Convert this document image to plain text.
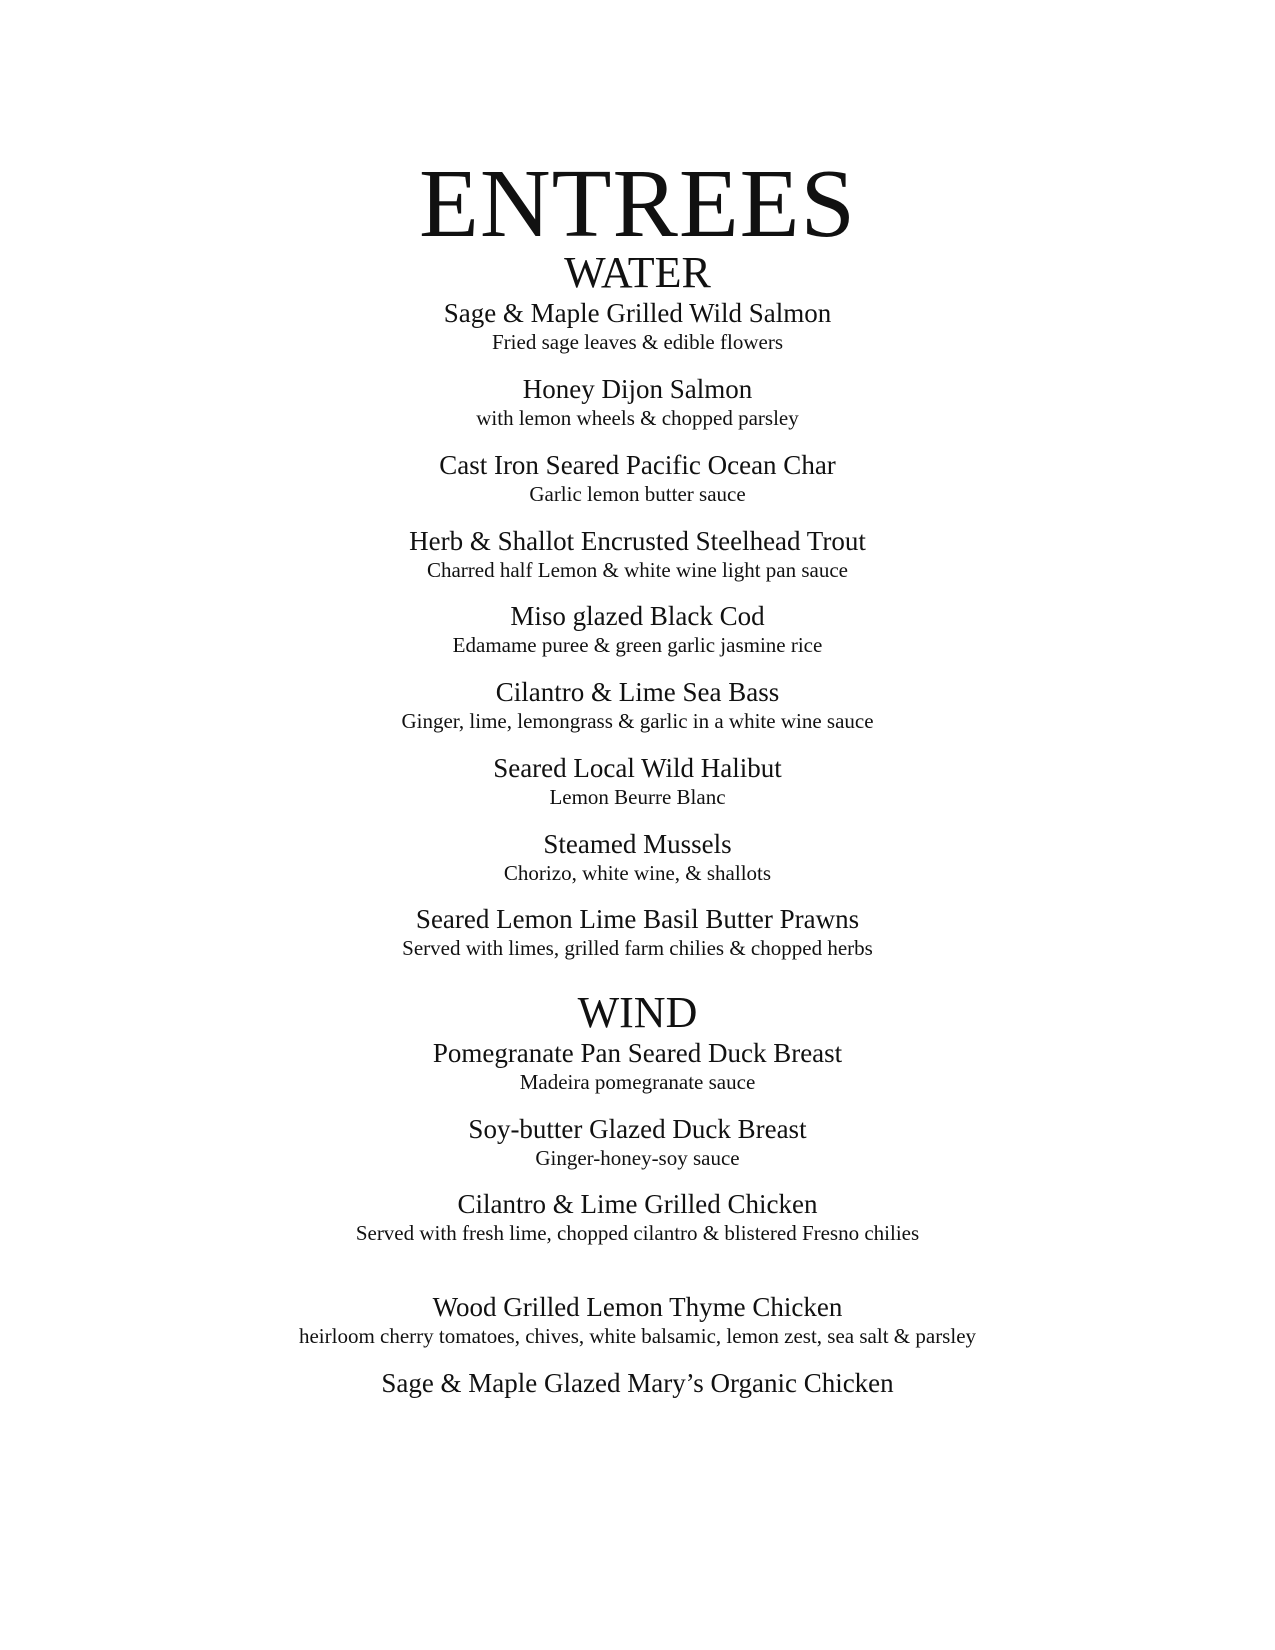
ENTREES
WATER
Sage & Maple Grilled Wild Salmon
Fried sage leaves & edible flowers
Honey Dijon Salmon
with lemon wheels & chopped parsley
Cast Iron Seared Pacific Ocean Char
Garlic lemon butter sauce
Herb & Shallot Encrusted Steelhead Trout
Charred half Lemon & white wine light pan sauce
Miso glazed Black Cod
Edamame puree & green garlic jasmine rice
Cilantro & Lime Sea Bass
Ginger, lime, lemongrass & garlic in a white wine sauce
Seared Local Wild Halibut
Lemon Beurre Blanc
Steamed Mussels
Chorizo, white wine, & shallots
Seared Lemon Lime Basil Butter Prawns
Served with limes, grilled farm chilies & chopped herbs
WIND
Pomegranate Pan Seared Duck Breast
Madeira pomegranate sauce
Soy-butter Glazed Duck Breast
Ginger-honey-soy sauce
Cilantro & Lime Grilled Chicken
Served with fresh lime, chopped cilantro & blistered Fresno chilies
Wood Grilled Lemon Thyme Chicken
heirloom cherry tomatoes, chives, white balsamic, lemon zest, sea salt & parsley
Sage & Maple Glazed Mary’s Organic Chicken
